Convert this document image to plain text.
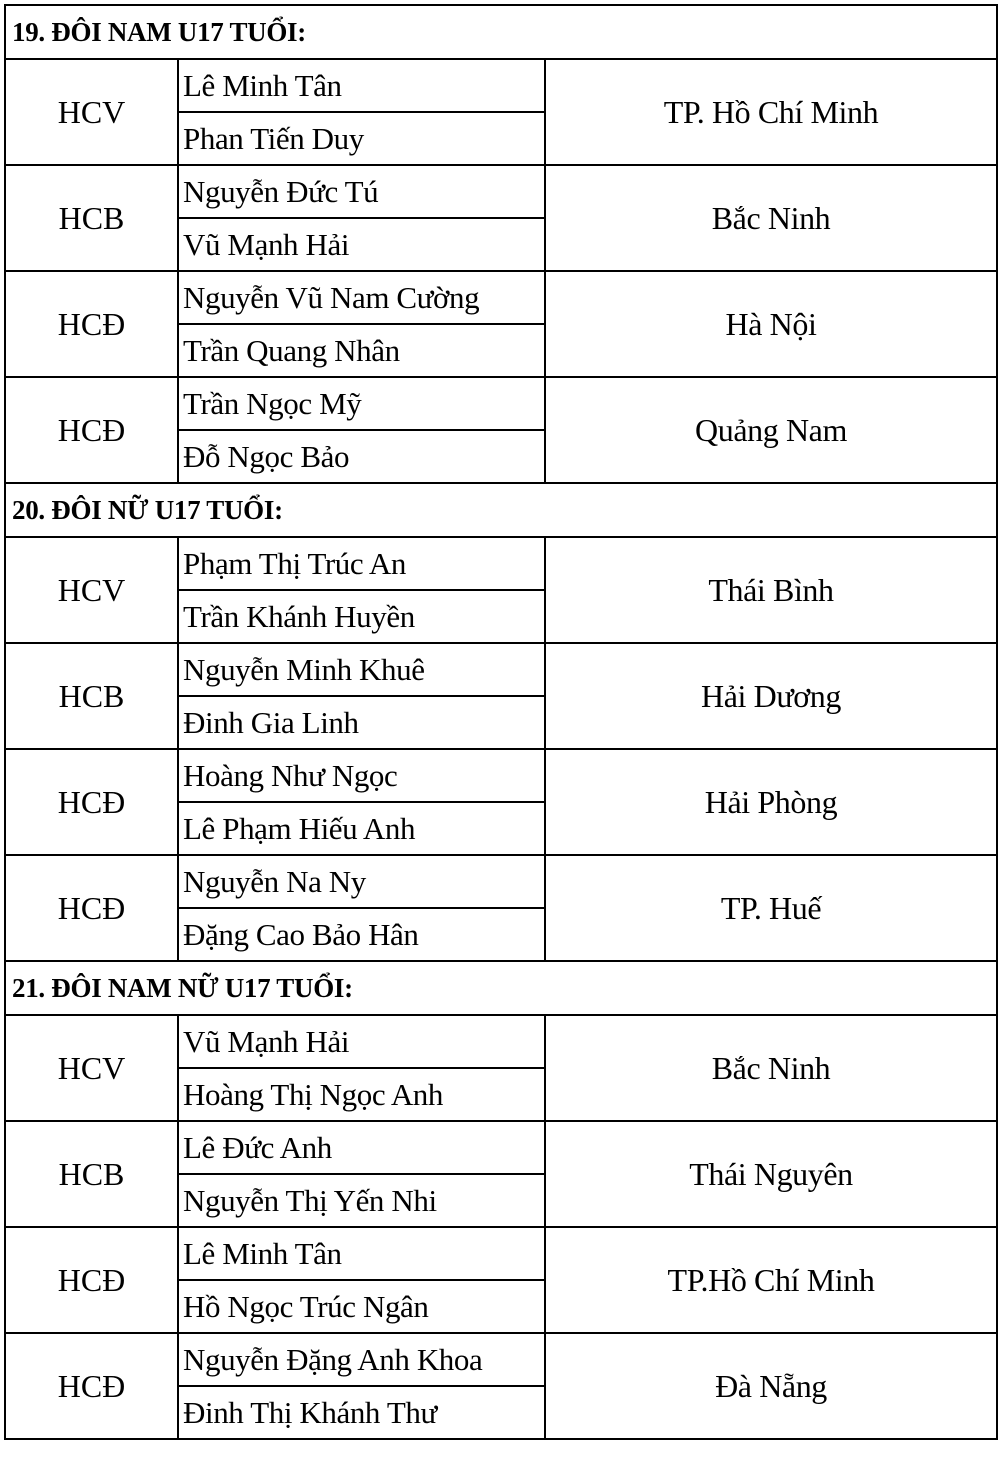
19. ĐÔI NAM U17 TUỔI:		
HCV	Lê Minh Tân	TP. Hồ Chí Minh
	Phan Tiến Duy	
HCB	Nguyễn Đức Tú	Bắc Ninh
	Vũ Mạnh Hải	
HCĐ	Nguyễn Vũ Nam Cường	Hà Nội
	Trần Quang Nhân	
HCĐ	Trần Ngọc Mỹ	Quảng Nam
	Đỗ Ngọc Bảo	
20. ĐÔI NỮ U17 TUỔI:		
HCV	Phạm Thị Trúc An	Thái Bình
	Trần Khánh Huyền	
HCB	Nguyễn Minh Khuê	Hải Dương
	Đinh Gia Linh	
HCĐ	Hoàng Như Ngọc	Hải Phòng
	Lê Phạm Hiếu Anh	
HCĐ	Nguyễn Na Ny	TP. Huế
	Đặng Cao Bảo Hân	
21. ĐÔI NAM NỮ U17 TUỔI:		
HCV	Vũ Mạnh Hải	Bắc Ninh
	Hoàng Thị Ngọc Anh	
HCB	Lê Đức Anh	Thái Nguyên
	Nguyễn Thị Yến Nhi	
HCĐ	Lê Minh Tân	TP.Hồ Chí Minh
	Hồ Ngọc Trúc Ngân	
HCĐ	Nguyễn Đặng Anh Khoa	Đà Nẵng
	Đinh Thị Khánh Thư	
